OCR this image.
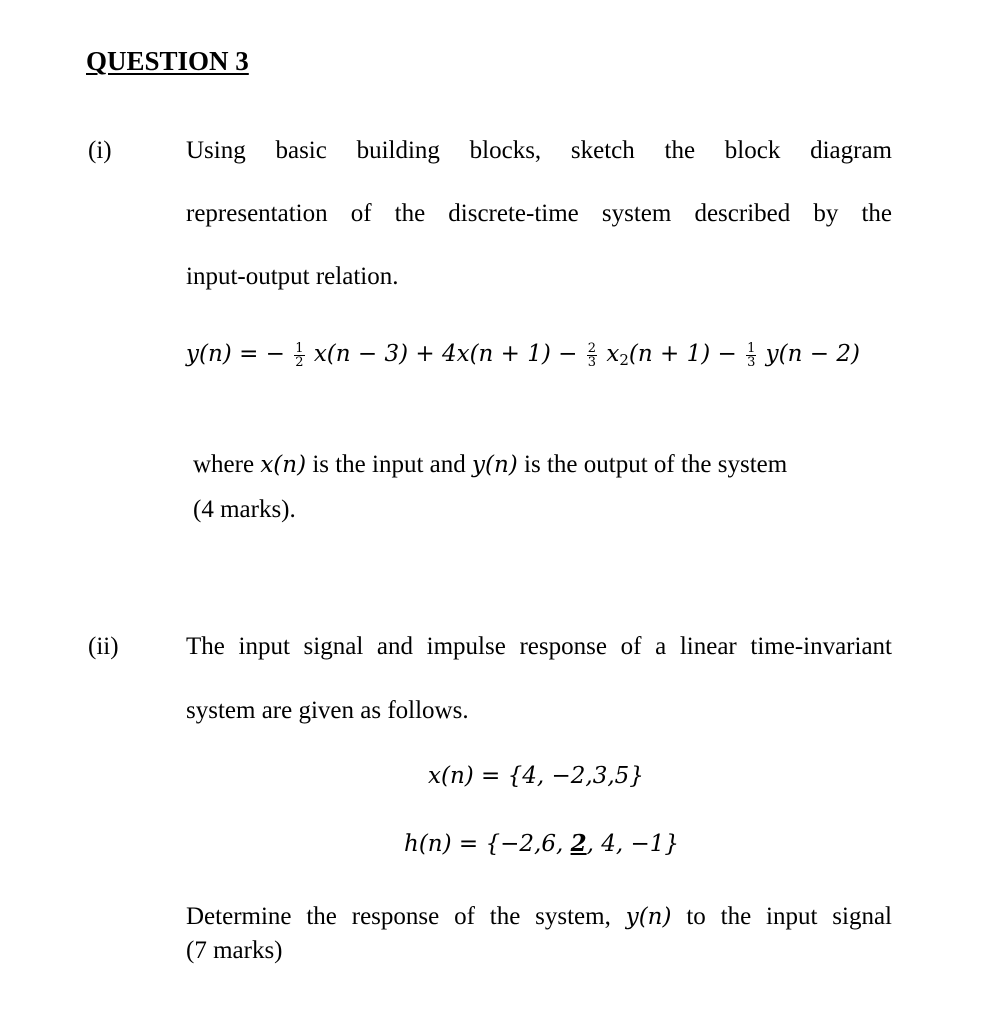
QUESTION 3
(i)	Using basic building blocks, sketch the block diagram
representation of the discrete-time system described by the
input-output relation.
y(n) = − $\frac{1}{2} x(n - 3) + 4x(n + 1) - \frac{2}{3} x_2(n + 1) - \frac{1}{3} y(n - 2)$
where x(n) is the input and y(n) is the output of the system
(4 marks).
(ii)	The input signal and impulse response of a linear time-invariant
system are given as follows.
x(n) = {4, −2,3,5}
h(n) = {−2,6, 2, 4, −1}
Determine the response of the system, y(n) to the input signal
(7 marks)
